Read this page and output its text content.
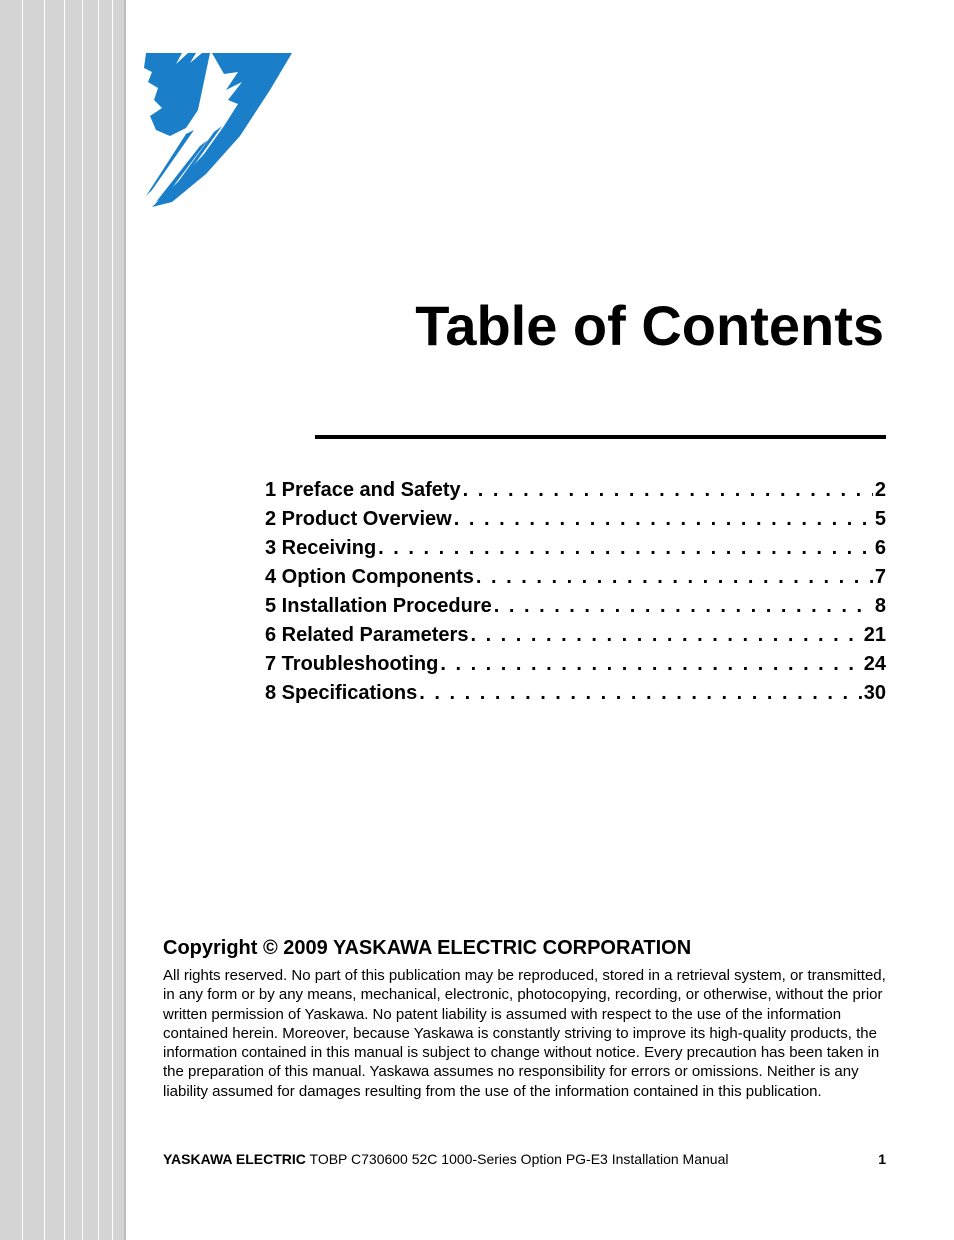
Table of Contents
1 Preface and Safety . . .	2
2 Product Overview . . .	5
3 Receiving . . .	6
4 Option Components . . .	7
5 Installation Procedure . . .	8
6 Related Parameters . . .	21
7 Troubleshooting . . .	24
8 Specifications . . .	30
Copyright © 2009 YASKAWA ELECTRIC CORPORATION

All rights reserved. No part of this publication may be reproduced, stored in a retrieval system, or transmitted, in any form or by any means, mechanical, electronic, photocopying, recording, or otherwise, without the prior written permission of Yaskawa. No patent liability is assumed with respect to the use of the information contained herein. Moreover, because Yaskawa is constantly striving to improve its high-quality products, the information contained in this manual is subject to change without notice. Every precaution has been taken in the preparation of this manual. Yaskawa assumes no responsibility for errors or omissions. Neither is any liability assumed for damages resulting from the use of the information contained in this publication.

YASKAWA ELECTRIC TOBP C730600 52C 1000-Series Option PG-E3 Installation Manual	1
